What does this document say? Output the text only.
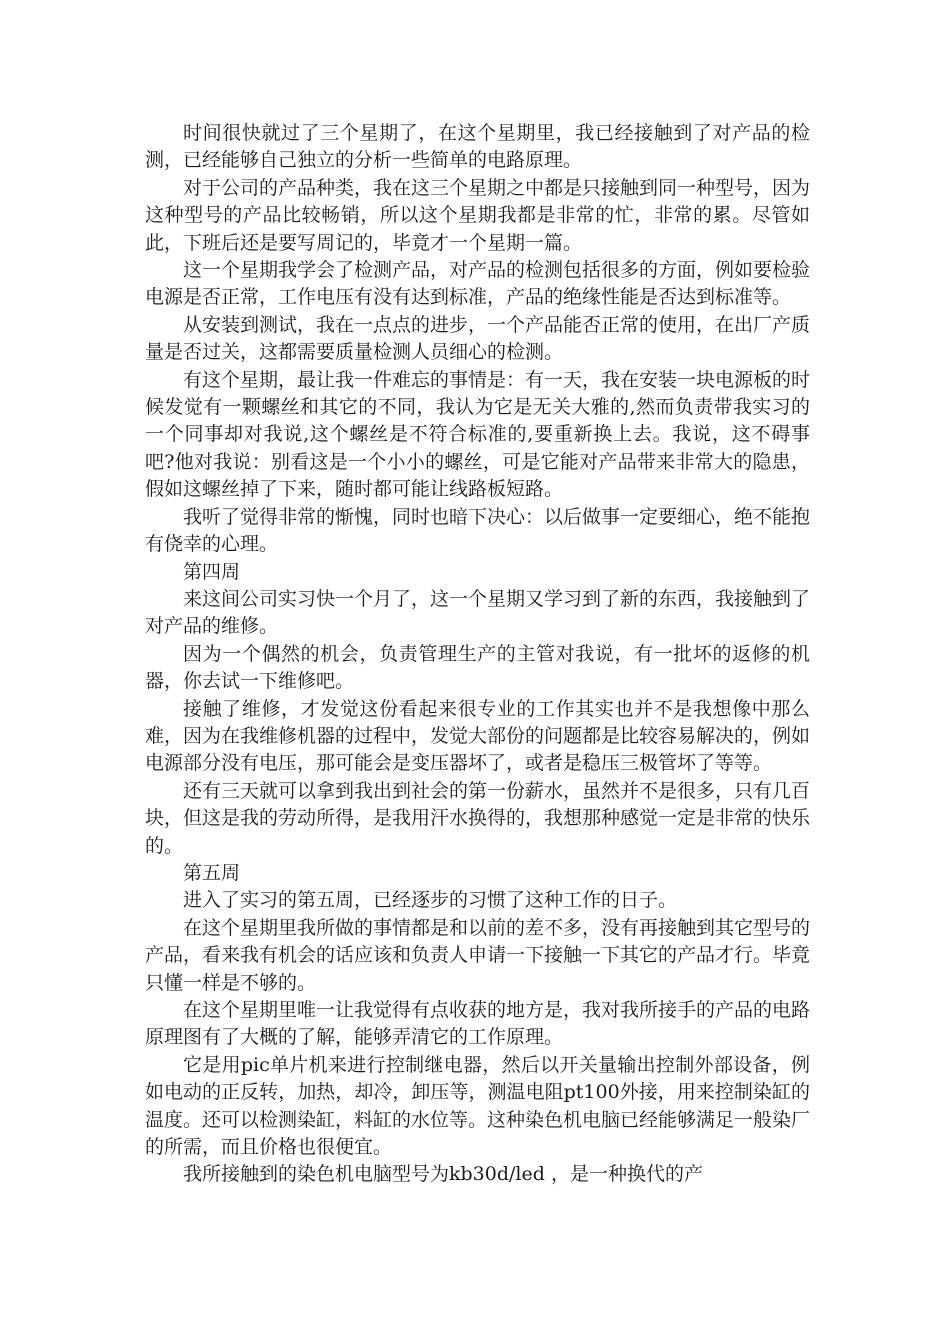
时间很快就过了三个星期了，在这个星期里，我已经接触到了对产品的检测，已经能够自己独立的分析一些简单的电路原理。

对于公司的产品种类，我在这三个星期之中都是只接触到同一种型号，因为这种型号的产品比较畅销，所以这个星期我都是非常的忙，非常的累。尽管如此，下班后还是要写周记的，毕竟才一个星期一篇。

这一个星期我学会了检测产品，对产品的检测包括很多的方面，例如要检验电源是否正常，工作电压有没有达到标准，产品的绝缘性能是否达到标准等。

从安装到测试，我在一点点的进步，一个产品能否正常的使用，在出厂产质量是否过关，这都需要质量检测人员细心的检测。

有这个星期，最让我一件难忘的事情是：有一天，我在安装一块电源板的时候发觉有一颗螺丝和其它的不同，我认为它是无关大雅的,然而负责带我实习的一个同事却对我说,这个螺丝是不符合标准的,要重新换上去。我说，这不碍事吧?他对我说：别看这是一个小小的螺丝，可是它能对产品带来非常大的隐患，假如这螺丝掉了下来，随时都可能让线路板短路。

我听了觉得非常的惭愧，同时也暗下决心：以后做事一定要细心，绝不能抱有侥幸的心理。

第四周

来这间公司实习快一个月了，这一个星期又学习到了新的东西，我接触到了对产品的维修。

因为一个偶然的机会，负责管理生产的主管对我说，有一批坏的返修的机器，你去试一下维修吧。

接触了维修，才发觉这份看起来很专业的工作其实也并不是我想像中那么难，因为在我维修机器的过程中，发觉大部份的问题都是比较容易解决的，例如电源部分没有电压，那可能会是变压器坏了，或者是稳压三极管坏了等等。

还有三天就可以拿到我出到社会的第一份薪水，虽然并不是很多，只有几百块，但这是我的劳动所得，是我用汗水换得的，我想那种感觉一定是非常的快乐的。

第五周

进入了实习的第五周，已经逐步的习惯了这种工作的日子。

在这个星期里我所做的事情都是和以前的差不多，没有再接触到其它型号的产品，看来我有机会的话应该和负责人申请一下接触一下其它的产品才行。毕竟只懂一样是不够的。

在这个星期里唯一让我觉得有点收获的地方是，我对我所接手的产品的电路原理图有了大概的了解，能够弄清它的工作原理。

它是用pic单片机来进行控制继电器，然后以开关量输出控制外部设备，例如电动的正反转，加热，却冷，卸压等，测温电阻pt100外接，用来控制染缸的温度。还可以检测染缸，料缸的水位等。这种染色机电脑已经能够满足一般染厂的所需，而且价格也很便宜。

我所接触到的染色机电脑型号为kb30d/led ，是一种换代的产
